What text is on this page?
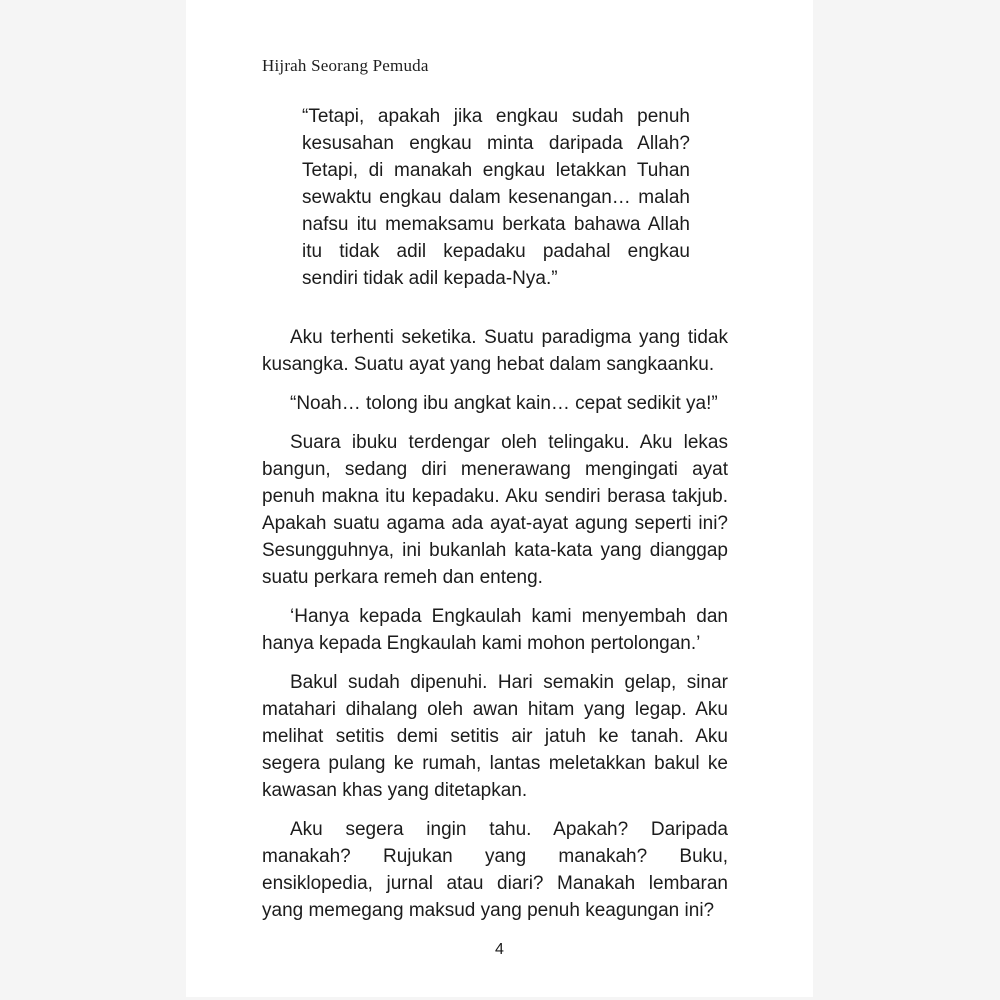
Hijrah Seorang Pemuda

“Tetapi, apakah jika engkau sudah penuh kesusahan engkau minta daripada Allah? Tetapi, di manakah engkau letakkan Tuhan sewaktu engkau dalam kesenangan… malah nafsu itu memaksamu berkata bahawa Allah itu tidak adil kepadaku padahal engkau sendiri tidak adil kepada-Nya.”

Aku terhenti seketika. Suatu paradigma yang tidak kusangka. Suatu ayat yang hebat dalam sangkaanku.

“Noah… tolong ibu angkat kain… cepat sedikit ya!”

Suara ibuku terdengar oleh telingaku. Aku lekas bangun, sedang diri menerawang mengingati ayat penuh makna itu kepadaku. Aku sendiri berasa takjub. Apakah suatu agama ada ayat-ayat agung seperti ini? Sesungguhnya, ini bukanlah kata-kata yang dianggap suatu perkara remeh dan enteng.

‘Hanya kepada Engkaulah kami menyembah dan hanya kepada Engkaulah kami mohon pertolongan.’

Bakul sudah dipenuhi. Hari semakin gelap, sinar matahari dihalang oleh awan hitam yang legap. Aku melihat setitis demi setitis air jatuh ke tanah. Aku segera pulang ke rumah, lantas meletakkan bakul ke kawasan khas yang ditetapkan.

Aku segera ingin tahu. Apakah? Daripada manakah? Rujukan yang manakah? Buku, ensiklopedia, jurnal atau diari? Manakah lembaran yang memegang maksud yang penuh keagungan ini?

4
